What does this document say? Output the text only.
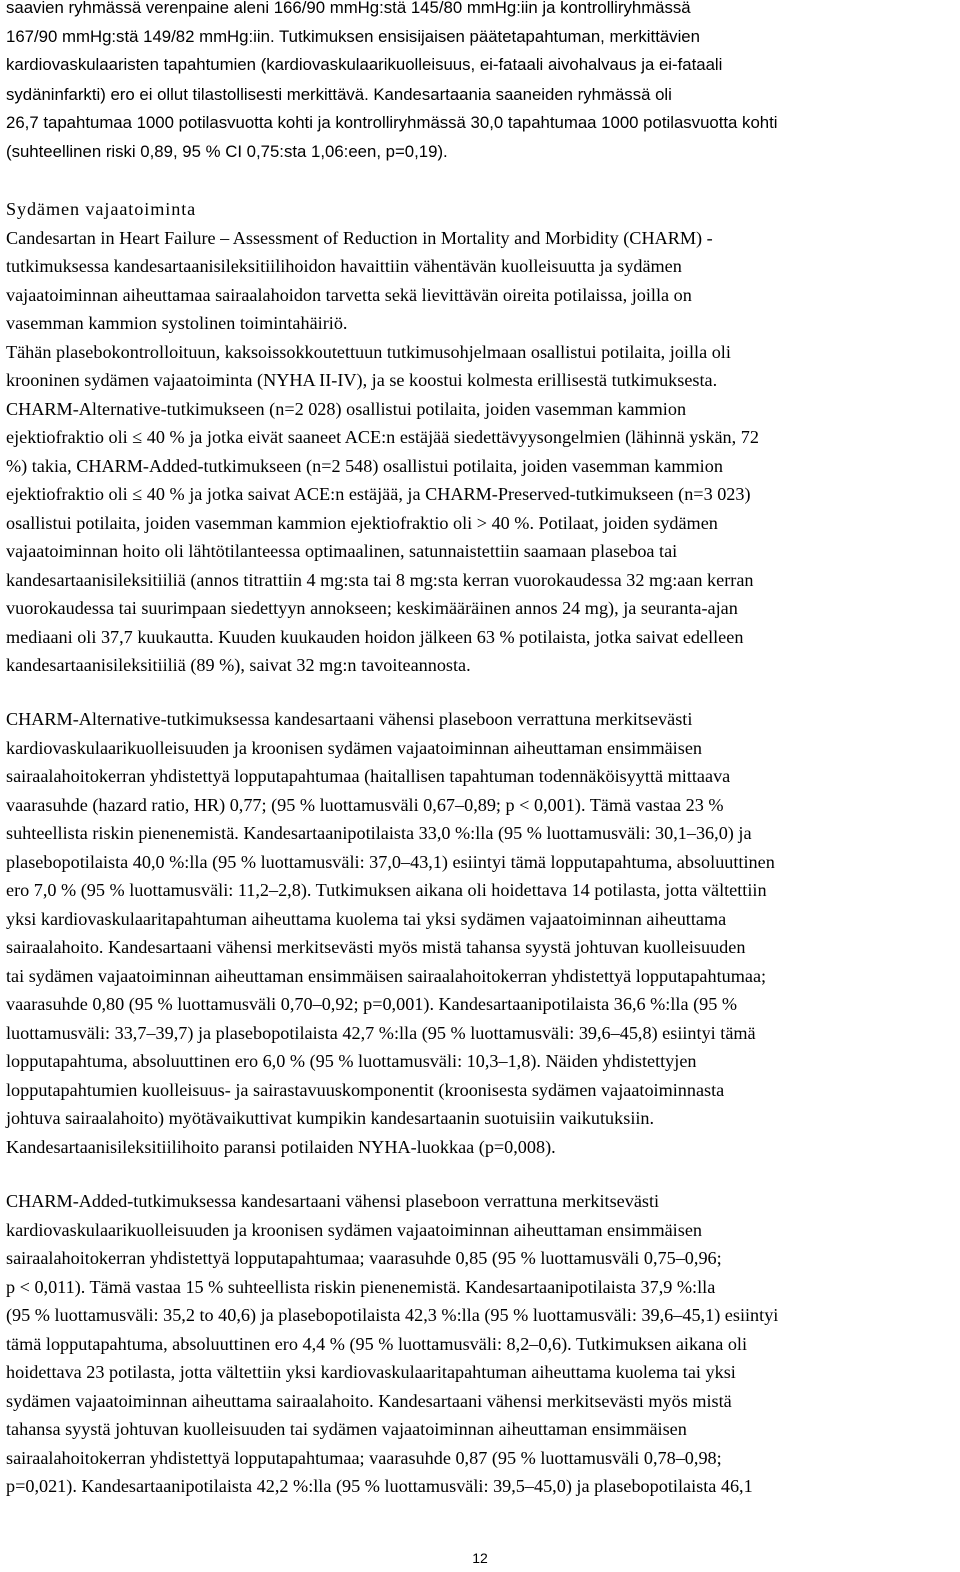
saavien ryhmässä verenpaine aleni 166/90 mmHg:stä 145/80 mmHg:iin ja kontrolliryhmässä
167/90 mmHg:stä 149/82 mmHg:iin. Tutkimuksen ensisijaisen päätetapahtuman, merkittävien
kardiovaskulaaristen tapahtumien (kardiovaskulaarikuolleisuus, ei-fataali aivohalvaus ja ei-fataali
sydäninfarkti) ero ei ollut tilastollisesti merkittävä. Kandesartaania saaneiden ryhmässä oli
26,7 tapahtumaa 1000 potilasvuotta kohti ja kontrolliryhmässä 30,0 tapahtumaa 1000 potilasvuotta kohti
(suhteellinen riski 0,89, 95 % CI 0,75:sta 1,06:een, p=0,19).

Sydämen vajaatoiminta
Candesartan in Heart Failure – Assessment of Reduction in Mortality and Morbidity (CHARM) -
tutkimuksessa kandesartaanisileksitiilihoidon havaittiin vähentävän kuolleisuutta ja sydämen
vajaatoiminnan aiheuttamaa sairaalahoidon tarvetta sekä lievittävän oireita potilaissa, joilla on
vasemman kammion systolinen toimintahäiriö.
Tähän plasebokontrolloituun, kaksoissokkoutettuun tutkimusohjelmaan osallistui potilaita, joilla oli
krooninen sydämen vajaatoiminta (NYHA II-IV), ja se koostui kolmesta erillisestä tutkimuksesta.
CHARM-Alternative-tutkimukseen (n=2 028) osallistui potilaita, joiden vasemman kammion
ejektiofraktio oli ≤ 40 % ja jotka eivät saaneet ACE:n estäjää siedettävyysongelmien (lähinnä yskän, 72
%) takia, CHARM-Added-tutkimukseen (n=2 548) osallistui potilaita, joiden vasemman kammion
ejektiofraktio oli ≤ 40 % ja jotka saivat ACE:n estäjää, ja CHARM-Preserved-tutkimukseen (n=3 023)
osallistui potilaita, joiden vasemman kammion ejektiofraktio oli > 40 %. Potilaat, joiden sydämen
vajaatoiminnan hoito oli lähtötilanteessa optimaalinen, satunnaistettiin saamaan plaseboa tai
kandesartaanisileksitiiliä (annos titrattiin 4 mg:sta tai 8 mg:sta kerran vuorokaudessa 32 mg:aan kerran
vuorokaudessa tai suurimpaan siedettyyn annokseen; keskimääräinen annos 24 mg), ja seuranta-ajan
mediaani oli 37,7 kuukautta. Kuuden kuukauden hoidon jälkeen 63 % potilaista, jotka saivat edelleen
kandesartaanisileksitiiliä (89 %), saivat 32 mg:n tavoiteannosta.

CHARM-Alternative-tutkimuksessa kandesartaani vähensi plaseboon verrattuna merkitsevästi
kardiovaskulaarikuolleisuuden ja kroonisen sydämen vajaatoiminnan aiheuttaman ensimmäisen
sairaalahoitokerran yhdistettyä lopputapahtumaa (haitallisen tapahtuman todennäköisyyttä mittaava
vaarasuhde (hazard ratio, HR) 0,77; (95 % luottamusväli 0,67–0,89; p < 0,001). Tämä vastaa 23 %
suhteellista riskin pienenemistä. Kandesartaanipotilaista 33,0 %:lla (95 % luottamusväli: 30,1–36,0) ja
plasebopotilaista 40,0 %:lla (95 % luottamusväli: 37,0–43,1) esiintyi tämä lopputapahtuma, absoluuttinen
ero 7,0 % (95 % luottamusväli: 11,2–2,8). Tutkimuksen aikana oli hoidettava 14 potilasta, jotta vältettiin
yksi kardiovaskulaaritapahtuman aiheuttama kuolema tai yksi sydämen vajaatoiminnan aiheuttama
sairaalahoito. Kandesartaani vähensi merkitsevästi myös mistä tahansa syystä johtuvan kuolleisuuden
tai sydämen vajaatoiminnan aiheuttaman ensimmäisen sairaalahoitokerran yhdistettyä lopputapahtumaa;
vaarasuhde 0,80 (95 % luottamusväli 0,70–0,92; p=0,001). Kandesartaanipotilaista 36,6 %:lla (95 %
luottamusväli: 33,7–39,7) ja plasebopotilaista 42,7 %:lla (95 % luottamusväli: 39,6–45,8) esiintyi tämä
lopputapahtuma, absoluuttinen ero 6,0 % (95 % luottamusväli: 10,3–1,8). Näiden yhdistettyjen
lopputapahtumien kuolleisuus- ja sairastavuuskomponentit (kroonisesta sydämen vajaatoiminnasta
johtuva sairaalahoito) myötävaikuttivat kumpikin kandesartaanin suotuisiin vaikutuksiin.
Kandesartaanisileksitiilihoito paransi potilaiden NYHA-luokkaa (p=0,008).

CHARM-Added-tutkimuksessa kandesartaani vähensi plaseboon verrattuna merkitsevästi
kardiovaskulaarikuolleisuuden ja kroonisen sydämen vajaatoiminnan aiheuttaman ensimmäisen
sairaalahoitokerran yhdistettyä lopputapahtumaa; vaarasuhde 0,85 (95 % luottamusväli 0,75–0,96;
p < 0,011). Tämä vastaa 15 % suhteellista riskin pienenemistä. Kandesartaanipotilaista 37,9 %:lla
(95 % luottamusväli: 35,2 to 40,6) ja plasebopotilaista 42,3 %:lla (95 % luottamusväli: 39,6–45,1) esiintyi
tämä lopputapahtuma, absoluuttinen ero 4,4 % (95 % luottamusväli: 8,2–0,6). Tutkimuksen aikana oli
hoidettava 23 potilasta, jotta vältettiin yksi kardiovaskulaaritapahtuman aiheuttama kuolema tai yksi
sydämen vajaatoiminnan aiheuttama sairaalahoito. Kandesartaani vähensi merkitsevästi myös mistä
tahansa syystä johtuvan kuolleisuuden tai sydämen vajaatoiminnan aiheuttaman ensimmäisen
sairaalahoitokerran yhdistettyä lopputapahtumaa; vaarasuhde 0,87 (95 % luottamusväli 0,78–0,98;
p=0,021). Kandesartaanipotilaista 42,2 %:lla (95 % luottamusväli: 39,5–45,0) ja plasebopotilaista 46,1

12
